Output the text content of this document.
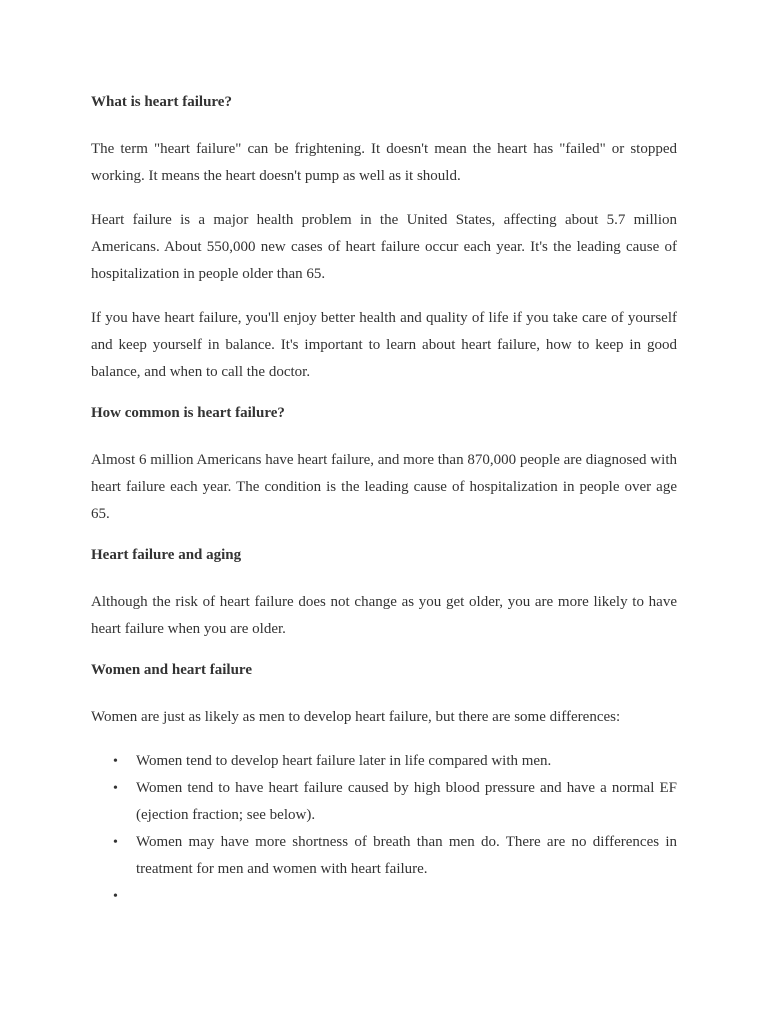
What is heart failure?

The term "heart failure" can be frightening. It doesn't mean the heart has "failed" or stopped working. It means the heart doesn't pump as well as it should.

Heart failure is a major health problem in the United States, affecting about 5.7 million Americans. About 550,000 new cases of heart failure occur each year. It's the leading cause of hospitalization in people older than 65.

If you have heart failure, you'll enjoy better health and quality of life if you take care of yourself and keep yourself in balance. It's important to learn about heart failure, how to keep in good balance, and when to call the doctor.

How common is heart failure?

Almost 6 million Americans have heart failure, and more than 870,000 people are diagnosed with heart failure each year. The condition is the leading cause of hospitalization in people over age 65.

Heart failure and aging

Although the risk of heart failure does not change as you get older, you are more likely to have heart failure when you are older.

Women and heart failure

Women are just as likely as men to develop heart failure, but there are some differences:

• Women tend to develop heart failure later in life compared with men.
• Women tend to have heart failure caused by high blood pressure and have a normal EF (ejection fraction; see below).
• Women may have more shortness of breath than men do. There are no differences in treatment for men and women with heart failure.
•
